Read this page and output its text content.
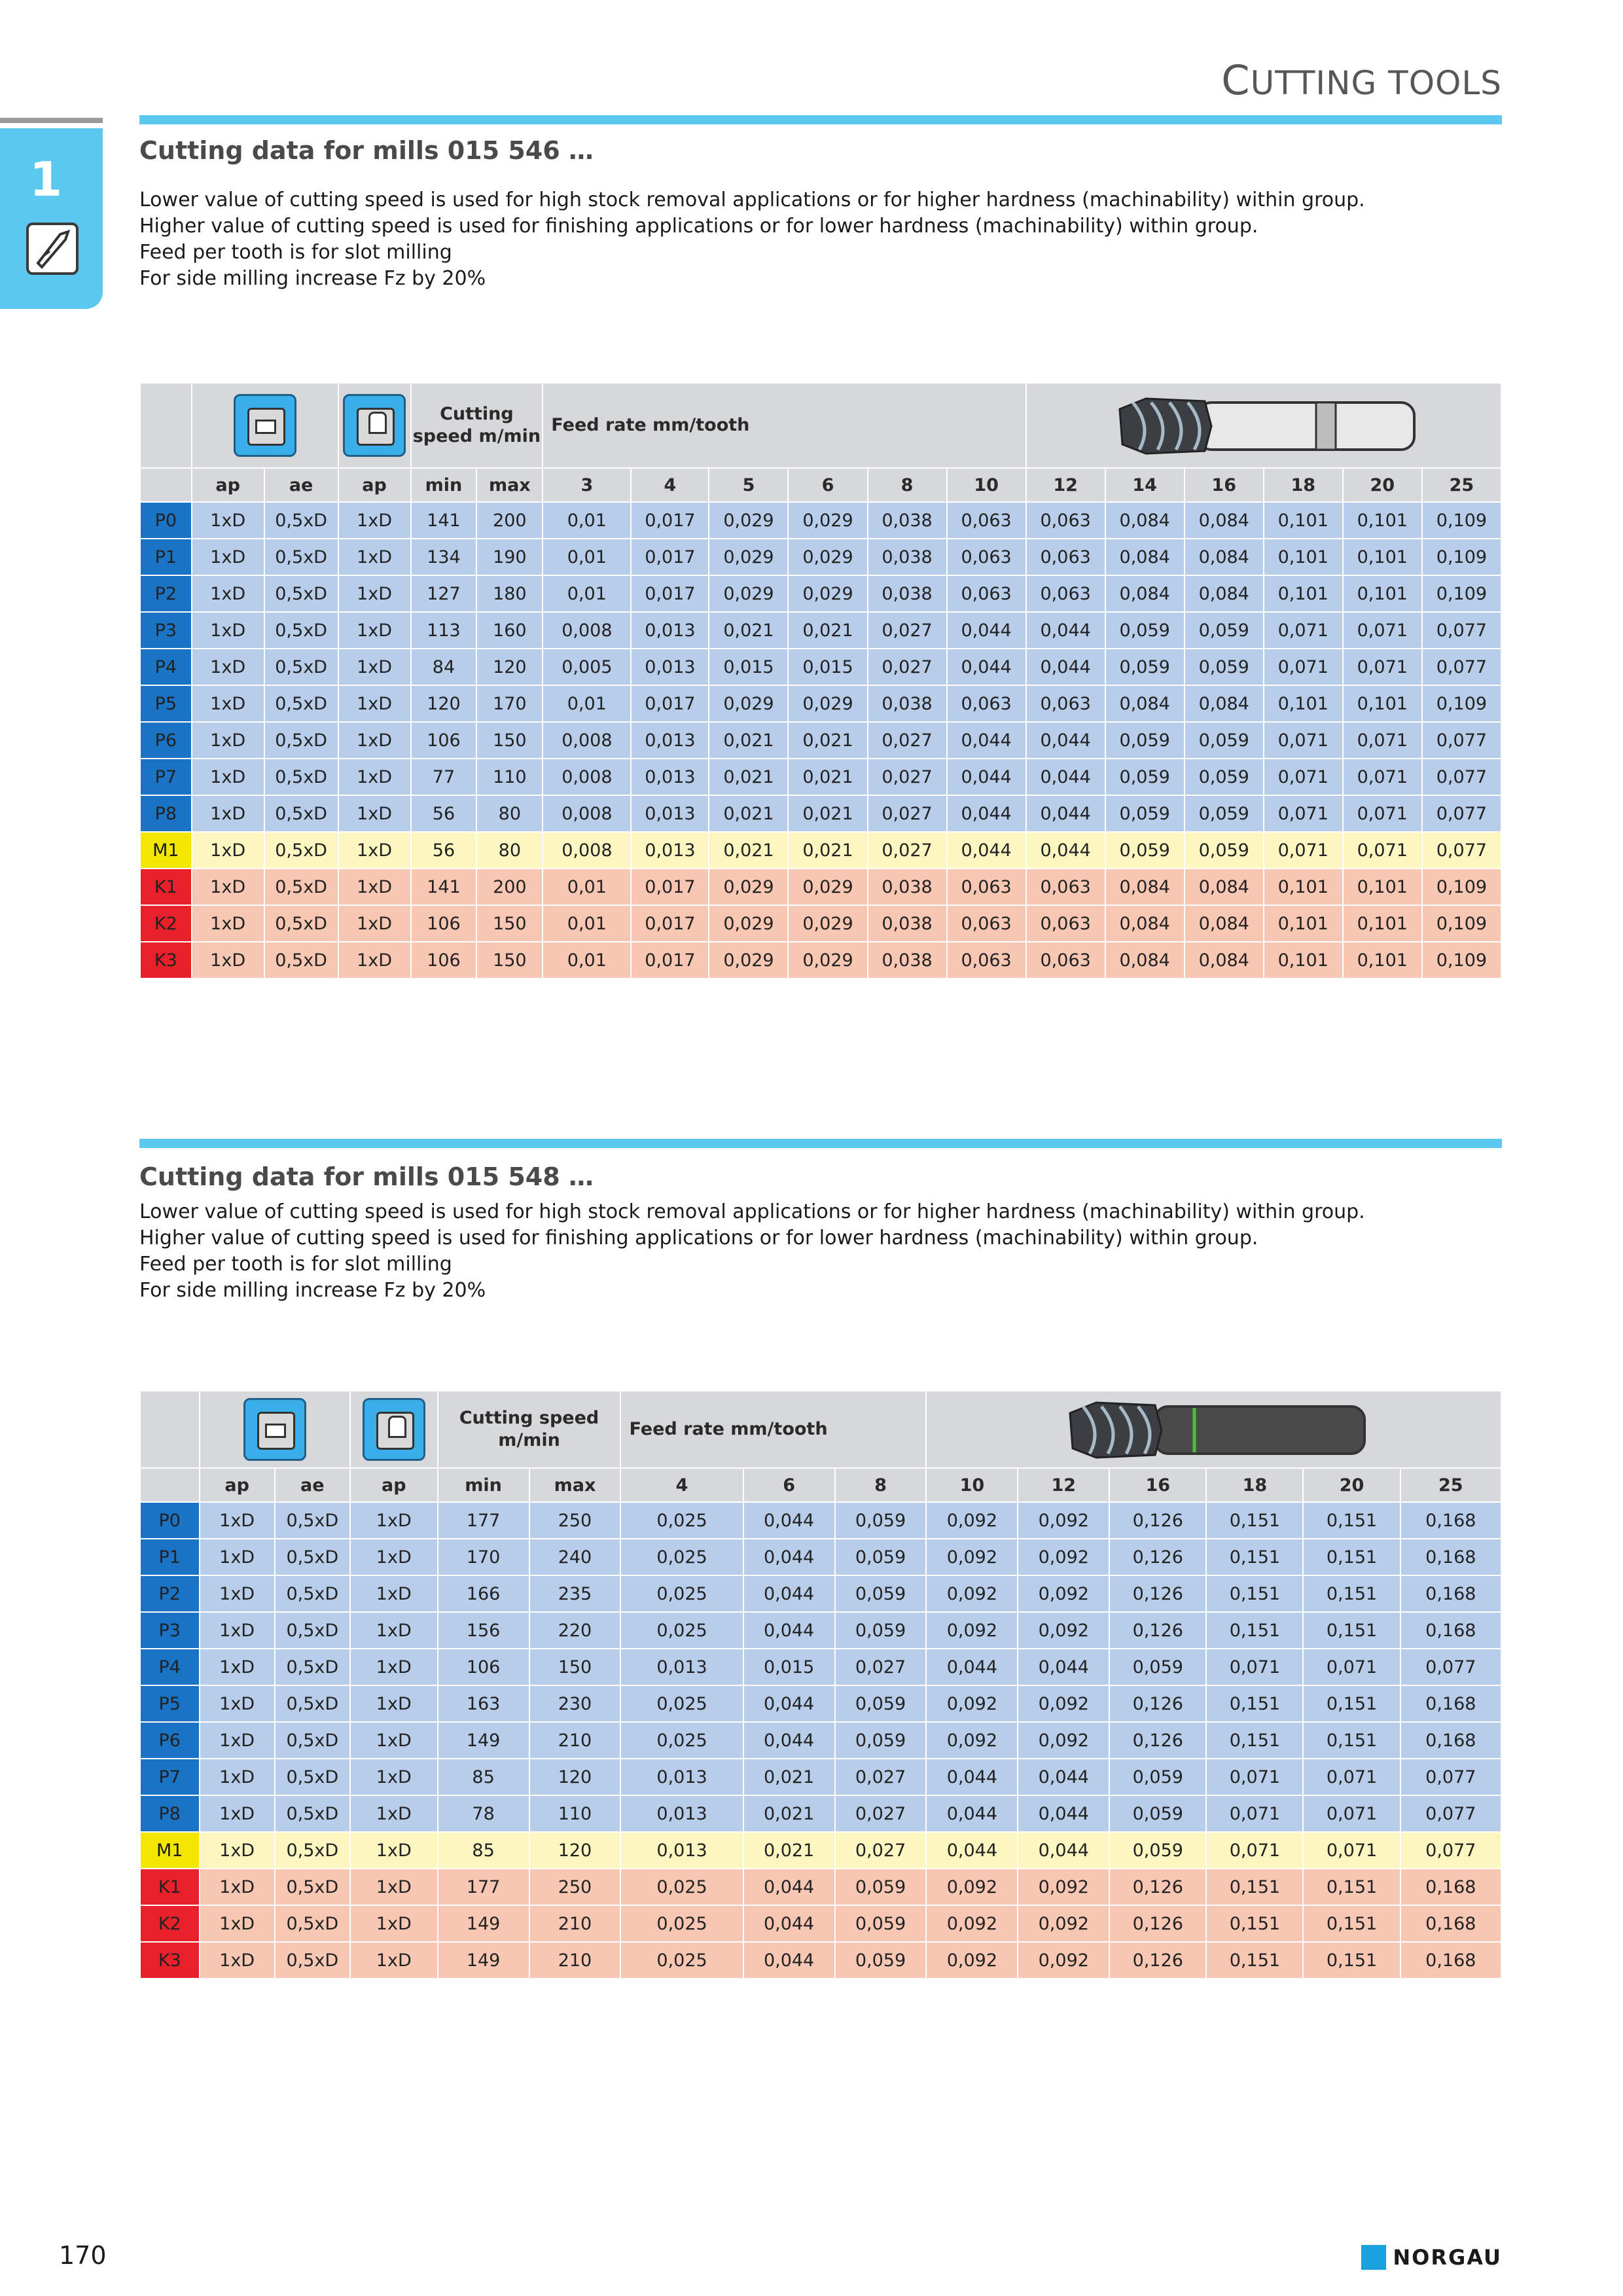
CUTTING TOOLS
1
Cutting data for mills 015 546 …
Lower value of cutting speed is used for high stock removal applications or for higher hardness (machinability) within group.
Higher value of cutting speed is used for finishing applications or for lower hardness (machinability) within group.
Feed per tooth is for slot milling
For side milling increase Fz by 20%

		Cutting speed m/min		Feed rate mm/tooth	

	ap	ae	ap	min	max	3	4	5	6	8	10	12	14	16	18	20	25
P0	1xD	0,5xD	1xD	141	200	0,01	0,017	0,029	0,029	0,038	0,063	0,063	0,084	0,084	0,101	0,101	0,109
P1	1xD	0,5xD	1xD	134	190	0,01	0,017	0,029	0,029	0,038	0,063	0,063	0,084	0,084	0,101	0,101	0,109
P2	1xD	0,5xD	1xD	127	180	0,01	0,017	0,029	0,029	0,038	0,063	0,063	0,084	0,084	0,101	0,101	0,109
P3	1xD	0,5xD	1xD	113	160	0,008	0,013	0,021	0,021	0,027	0,044	0,044	0,059	0,059	0,071	0,071	0,077
P4	1xD	0,5xD	1xD	84	120	0,005	0,013	0,015	0,015	0,027	0,044	0,044	0,059	0,059	0,071	0,071	0,077
P5	1xD	0,5xD	1xD	120	170	0,01	0,017	0,029	0,029	0,038	0,063	0,063	0,084	0,084	0,101	0,101	0,109
P6	1xD	0,5xD	1xD	106	150	0,008	0,013	0,021	0,021	0,027	0,044	0,044	0,059	0,059	0,071	0,071	0,077
P7	1xD	0,5xD	1xD	77	110	0,008	0,013	0,021	0,021	0,027	0,044	0,044	0,059	0,059	0,071	0,071	0,077
P8	1xD	0,5xD	1xD	56	80	0,008	0,013	0,021	0,021	0,027	0,044	0,044	0,059	0,059	0,071	0,071	0,077
M1	1xD	0,5xD	1xD	56	80	0,008	0,013	0,021	0,021	0,027	0,044	0,044	0,059	0,059	0,071	0,071	0,077
K1	1xD	0,5xD	1xD	141	200	0,01	0,017	0,029	0,029	0,038	0,063	0,063	0,084	0,084	0,101	0,101	0,109
K2	1xD	0,5xD	1xD	106	150	0,01	0,017	0,029	0,029	0,038	0,063	0,063	0,084	0,084	0,101	0,101	0,109
K3	1xD	0,5xD	1xD	106	150	0,01	0,017	0,029	0,029	0,038	0,063	0,063	0,084	0,084	0,101	0,101	0,109
Cutting data for mills 015 548 …
Lower value of cutting speed is used for high stock removal applications or for higher hardness (machinability) within group.
Higher value of cutting speed is used for finishing applications or for lower hardness (machinability) within group.
Feed per tooth is for slot milling
For side milling increase Fz by 20%

		Cutting speed m/min		Feed rate mm/tooth	

	ap	ae	ap	min	max	4	6	8	10	12	16	18	20	25
P0	1xD	0,5xD	1xD	177	250	0,025	0,044	0,059	0,092	0,092	0,126	0,151	0,151	0,168
P1	1xD	0,5xD	1xD	170	240	0,025	0,044	0,059	0,092	0,092	0,126	0,151	0,151	0,168
P2	1xD	0,5xD	1xD	166	235	0,025	0,044	0,059	0,092	0,092	0,126	0,151	0,151	0,168
P3	1xD	0,5xD	1xD	156	220	0,025	0,044	0,059	0,092	0,092	0,126	0,151	0,151	0,168
P4	1xD	0,5xD	1xD	106	150	0,013	0,015	0,027	0,044	0,044	0,059	0,071	0,071	0,077
P5	1xD	0,5xD	1xD	163	230	0,025	0,044	0,059	0,092	0,092	0,126	0,151	0,151	0,168
P6	1xD	0,5xD	1xD	149	210	0,025	0,044	0,059	0,092	0,092	0,126	0,151	0,151	0,168
P7	1xD	0,5xD	1xD	85	120	0,013	0,021	0,027	0,044	0,044	0,059	0,071	0,071	0,077
P8	1xD	0,5xD	1xD	78	110	0,013	0,021	0,027	0,044	0,044	0,059	0,071	0,071	0,077
M1	1xD	0,5xD	1xD	85	120	0,013	0,021	0,027	0,044	0,044	0,059	0,071	0,071	0,077
K1	1xD	0,5xD	1xD	177	250	0,025	0,044	0,059	0,092	0,092	0,126	0,151	0,151	0,168
K2	1xD	0,5xD	1xD	149	210	0,025	0,044	0,059	0,092	0,092	0,126	0,151	0,151	0,168
K3	1xD	0,5xD	1xD	149	210	0,025	0,044	0,059	0,092	0,092	0,126	0,151	0,151	0,168
170	NORGAU
